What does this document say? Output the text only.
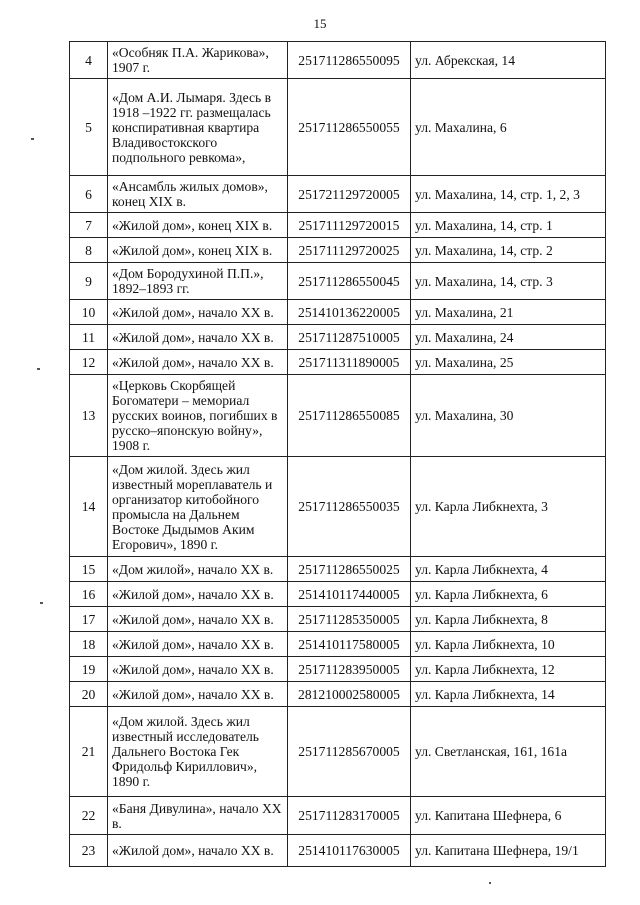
15
4	«Особняк П.А. Жарикова», 1907 г.	251711286550095	ул. Абрекская, 14
5	«Дом А.И. Лымаря. Здесь в 1918 –1922 гг. размещалась конспиративная квартира Владивостокского подпольного ревкома»,	251711286550055	ул. Махалина, 6
6	«Ансамбль жилых домов», конец XIX в.	251721129720005	ул. Махалина, 14, стр. 1, 2, 3
7	«Жилой дом», конец XIX в.	251711129720015	ул. Махалина, 14, стр. 1
8	«Жилой дом», конец XIX в.	251711129720025	ул. Махалина, 14, стр. 2
9	«Дом Бородухиной П.П.», 1892–1893 гг.	251711286550045	ул. Махалина, 14, стр. 3
10	«Жилой дом», начало XX в.	251410136220005	ул. Махалина, 21
11	«Жилой дом», начало XX в.	251711287510005	ул. Махалина, 24
12	«Жилой дом», начало XX в.	251711311890005	ул. Махалина, 25
13	«Церковь Скорбящей Богоматери – мемориал русских воинов, погибших в русско–японскую войну», 1908 г.	251711286550085	ул. Махалина, 30
14	«Дом жилой. Здесь жил известный мореплаватель и организатор китобойного промысла на Дальнем Востоке Дыдымов Аким Егорович», 1890 г.	251711286550035	ул. Карла Либкнехта, 3
15	«Дом жилой», начало XX в.	251711286550025	ул. Карла Либкнехта, 4
16	«Жилой дом», начало XX в.	251410117440005	ул. Карла Либкнехта, 6
17	«Жилой дом», начало XX в.	251711285350005	ул. Карла Либкнехта, 8
18	«Жилой дом», начало XX в.	251410117580005	ул. Карла Либкнехта, 10
19	«Жилой дом», начало XX в.	251711283950005	ул. Карла Либкнехта, 12
20	«Жилой дом», начало XX в.	281210002580005	ул. Карла Либкнехта, 14
21	«Дом жилой. Здесь жил известный исследователь Дальнего Востока Гек Фридольф Кириллович», 1890 г.	251711285670005	ул. Светланская, 161, 161а
22	«Баня Дивулина», начало XX в.	251711283170005	ул. Капитана Шефнера, 6
23	«Жилой дом», начало XX в.	251410117630005	ул. Капитана Шефнера, 19/1
